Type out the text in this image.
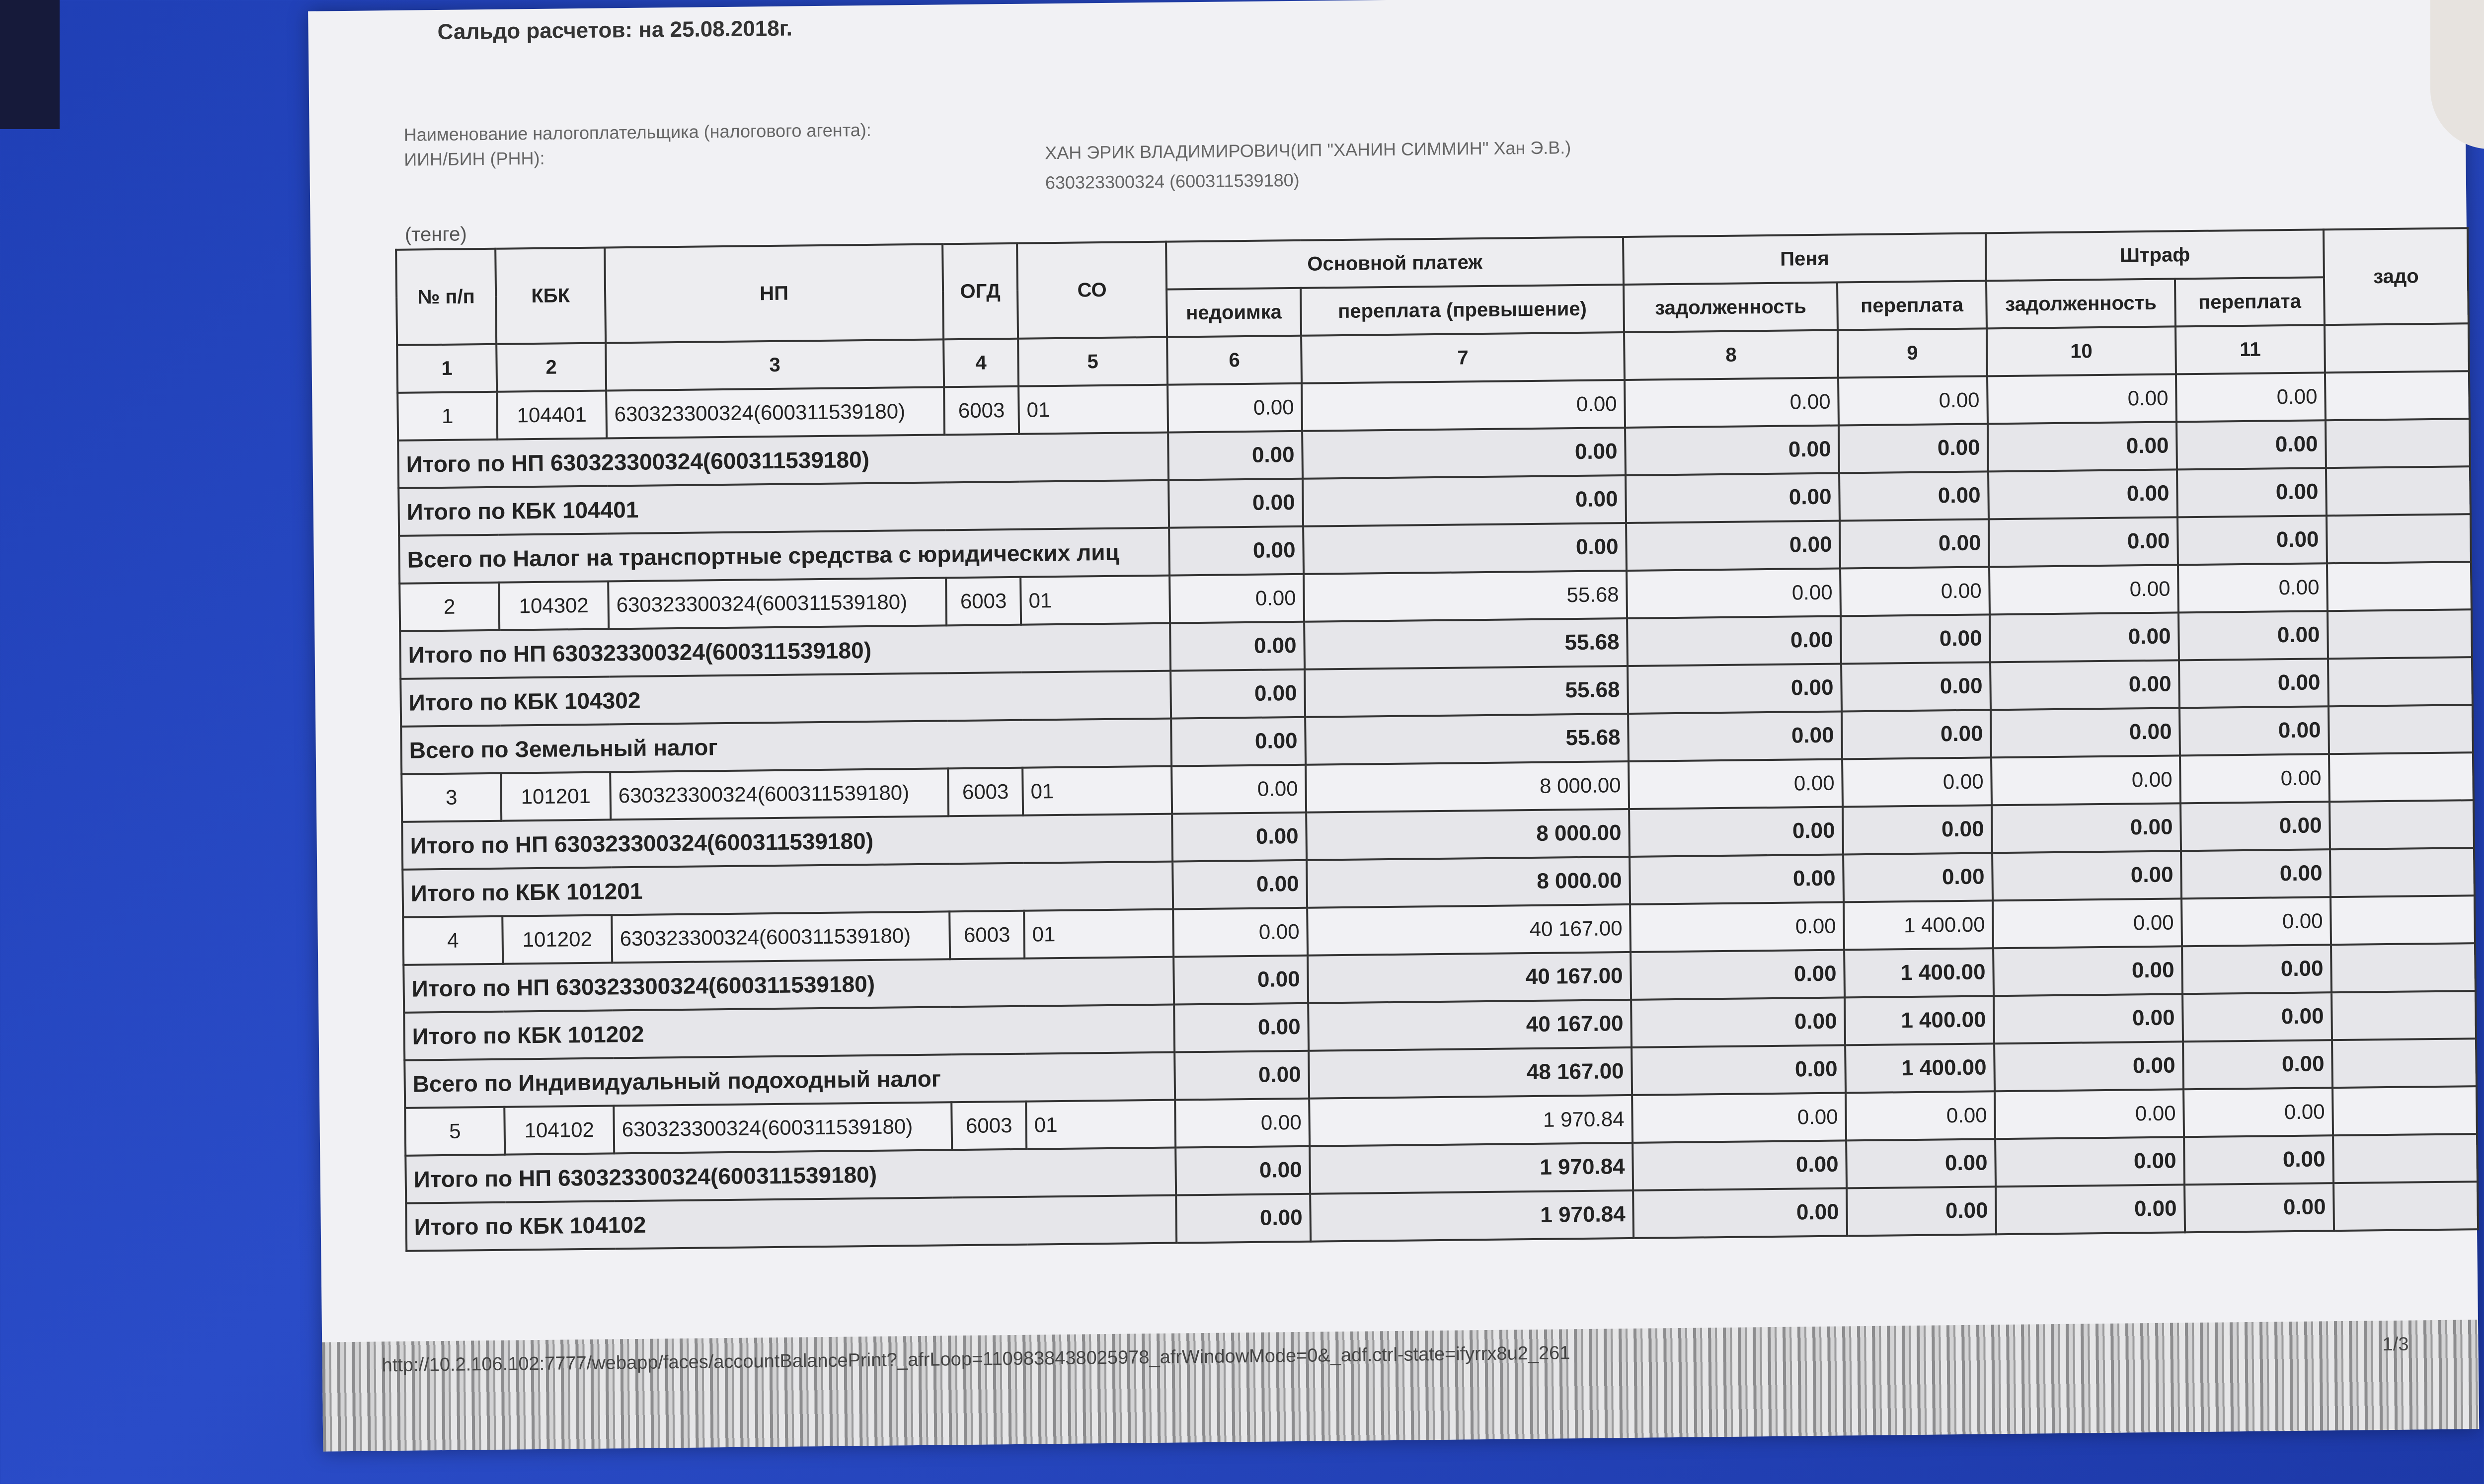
Сальдо расчетов: на 25.08.2018г.
Наименование налогоплательщика (налогового агента):
ХАН ЭРИК ВЛАДИМИРОВИЧ(ИП "ХАНИН СИММИН" Хан Э.В.)
ИИН/БИН (РНН):
630323300324 (600311539180)
(тенге)
№ п/п	КБК	НП	ОГД	СО	Основной платеж		Пеня		Штраф		задо
					недоимка	переплата (превышение)	задолженность	переплата	задолженность	переплата	
1	2	3	4	5	6	7	8	9	10	11	
1	104401	630323300324(600311539180)	6003	01	0.00	0.00	0.00	0.00	0.00	0.00	
Итого по НП 630323300324(600311539180)					0.00	0.00	0.00	0.00	0.00	0.00	
Итого по КБК 104401					0.00	0.00	0.00	0.00	0.00	0.00	
Всего по Налог на транспортные средства с юридических лиц					0.00	0.00	0.00	0.00	0.00	0.00	
2	104302	630323300324(600311539180)	6003	01	0.00	55.68	0.00	0.00	0.00	0.00	
Итого по НП 630323300324(600311539180)					0.00	55.68	0.00	0.00	0.00	0.00	
Итого по КБК 104302					0.00	55.68	0.00	0.00	0.00	0.00	
Всего по Земельный налог					0.00	55.68	0.00	0.00	0.00	0.00	
3	101201	630323300324(600311539180)	6003	01	0.00	8 000.00	0.00	0.00	0.00	0.00	
Итого по НП 630323300324(600311539180)					0.00	8 000.00	0.00	0.00	0.00	0.00	
Итого по КБК 101201					0.00	8 000.00	0.00	0.00	0.00	0.00	
4	101202	630323300324(600311539180)	6003	01	0.00	40 167.00	0.00	1 400.00	0.00	0.00	
Итого по НП 630323300324(600311539180)					0.00	40 167.00	0.00	1 400.00	0.00	0.00	
Итого по КБК 101202					0.00	40 167.00	0.00	1 400.00	0.00	0.00	
Всего по Индивидуальный подоходный налог					0.00	48 167.00	0.00	1 400.00	0.00	0.00	
5	104102	630323300324(600311539180)	6003	01	0.00	1 970.84	0.00	0.00	0.00	0.00	
Итого по НП 630323300324(600311539180)					0.00	1 970.84	0.00	0.00	0.00	0.00	
Итого по КБК 104102					0.00	1 970.84	0.00	0.00	0.00	0.00	
http://10.2.106.102:7777/webapp/faces/accountBalancePrint?_afrLoop=1109838438025978_afrWindowMode=0&_adf.ctrl-state=ifyrrx8u2_261	1/3
